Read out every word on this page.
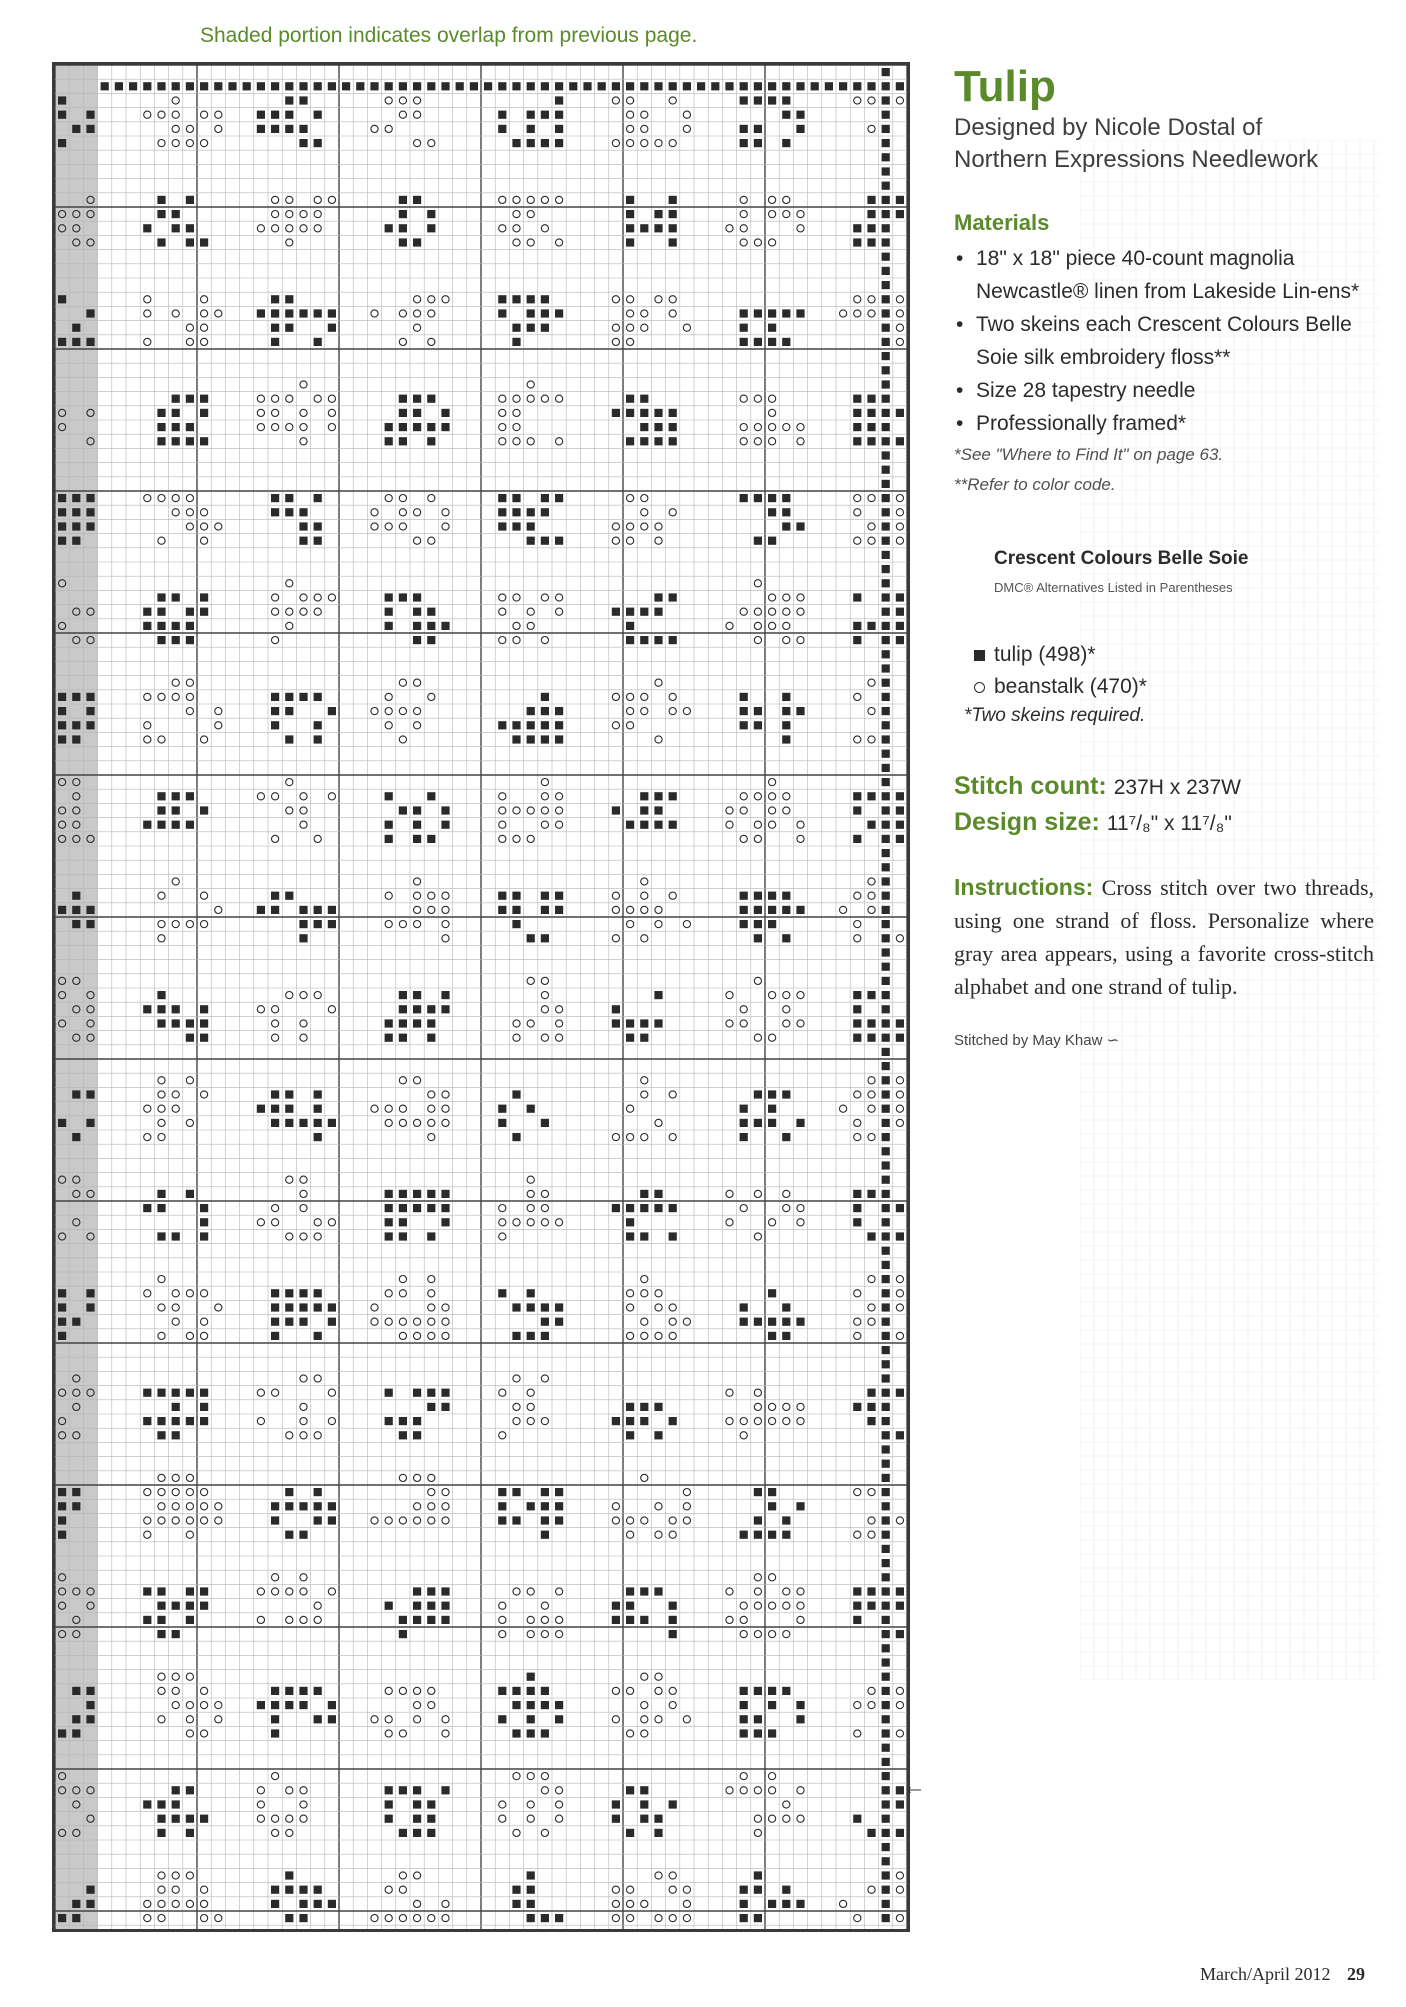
Shaded portion indicates overlap from previous page.
←
Tulip
Designed by Nicole Dostal of
Northern Expressions Needlework
Materials
• 18" x 18" piece 40-count magnolia Newcastle® linen from Lakeside Lin-ens*
• Two skeins each Crescent Colours Belle Soie silk embroidery floss**
• Size 28 tapestry needle
• Professionally framed*
*See "Where to Find It" on page 63.
**Refer to color code.
Crescent Colours Belle Soie
DMC® Alternatives Listed in Parentheses
tulip (498)*
beanstalk (470)*
*Two skeins required.
Stitch count: 237H x 237W
Design size: 11⁷/₈" x 11⁷/₈"
Instructions: Cross stitch over two threads, using one strand of floss. Personalize where gray area appears, using a favorite cross-stitch alphabet and one strand of tulip.
Stitched by May Khaw ∽
March/April 2012 29
